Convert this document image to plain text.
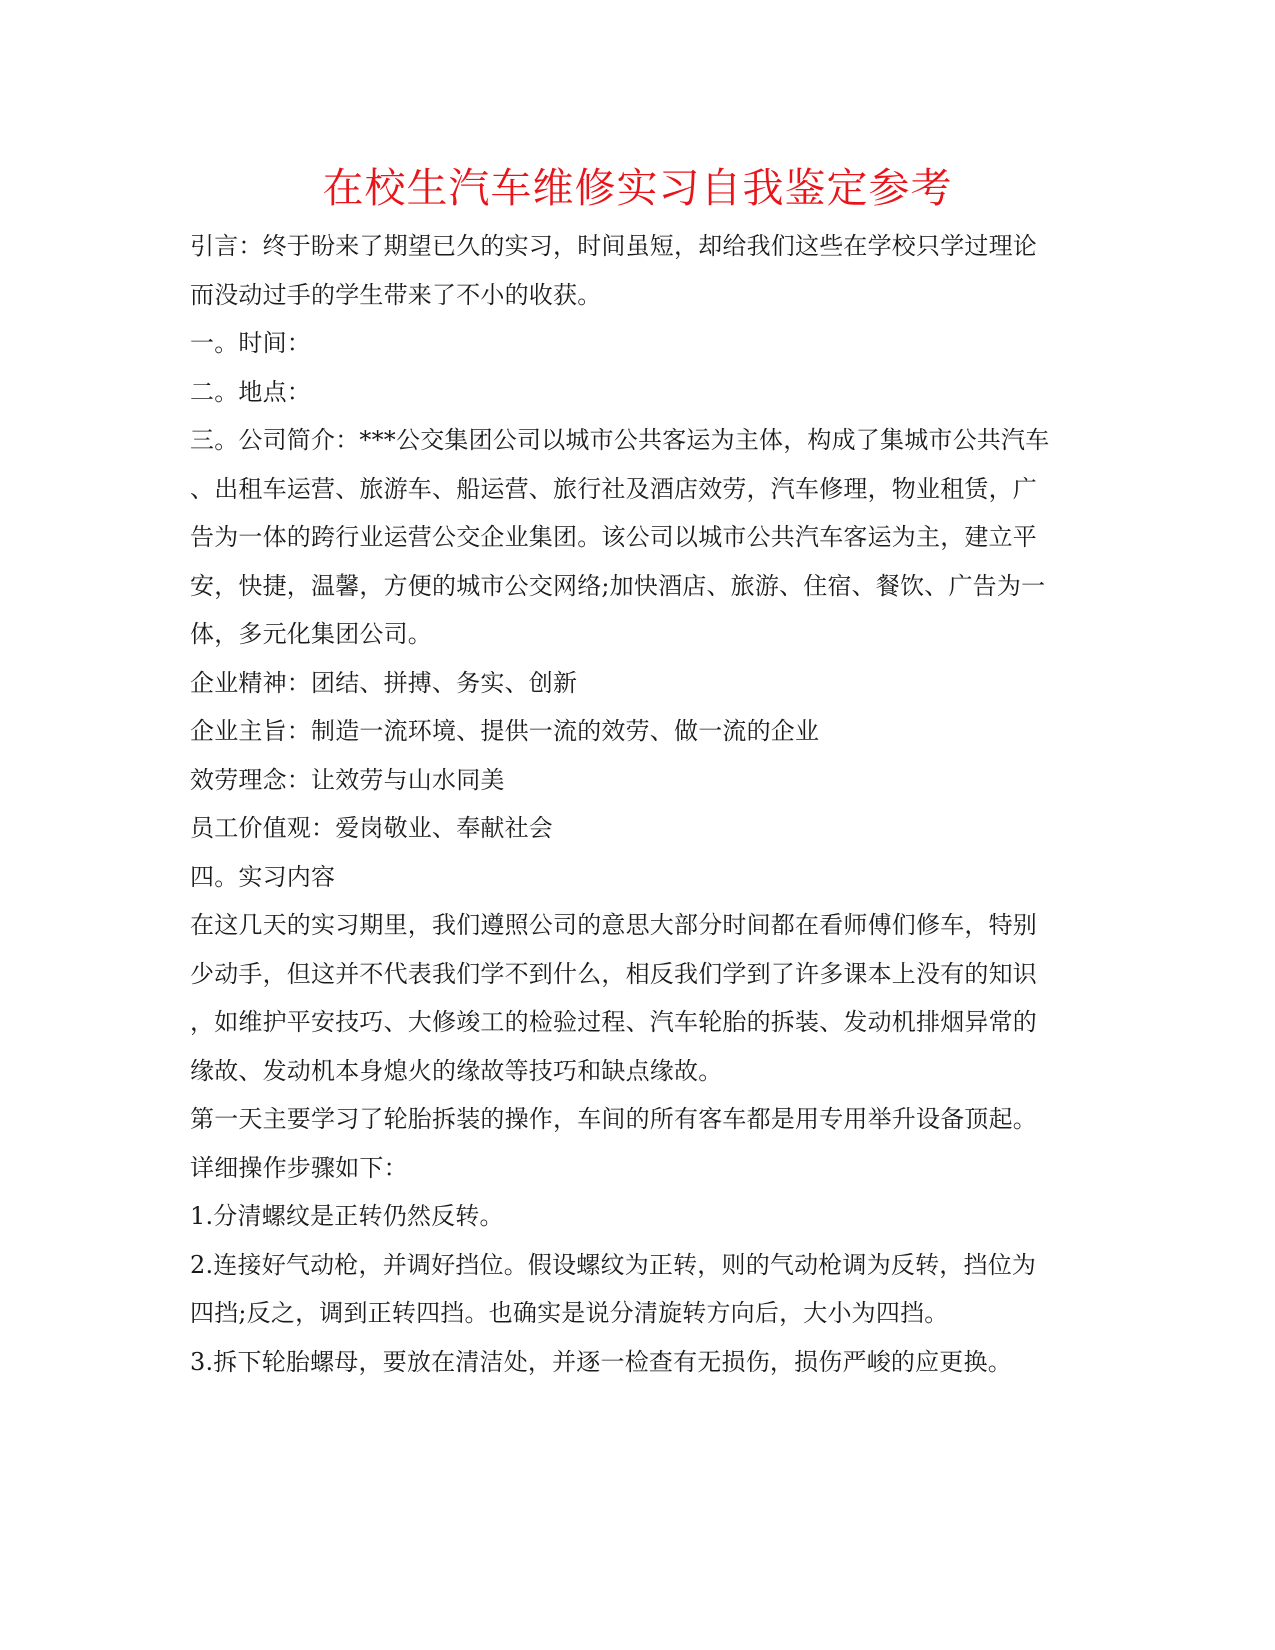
在校生汽车维修实习自我鉴定参考
引言：终于盼来了期望已久的实习，时间虽短，却给我们这些在学校只学过理论
而没动过手的学生带来了不小的收获。
一。时间：
二。地点：
三。公司简介：***公交集团公司以城市公共客运为主体，构成了集城市公共汽车
、出租车运营、旅游车、船运营、旅行社及酒店效劳，汽车修理，物业租赁，广
告为一体的跨行业运营公交企业集团。该公司以城市公共汽车客运为主，建立平
安，快捷，温馨，方便的城市公交网络;加快酒店、旅游、住宿、餐饮、广告为一
体，多元化集团公司。
企业精神：团结、拼搏、务实、创新
企业主旨：制造一流环境、提供一流的效劳、做一流的企业
效劳理念：让效劳与山水同美
员工价值观：爱岗敬业、奉献社会
四。实习内容
在这几天的实习期里，我们遵照公司的意思大部分时间都在看师傅们修车，特别
少动手，但这并不代表我们学不到什么，相反我们学到了许多课本上没有的知识
，如维护平安技巧、大修竣工的检验过程、汽车轮胎的拆装、发动机排烟异常的
缘故、发动机本身熄火的缘故等技巧和缺点缘故。
第一天主要学习了轮胎拆装的操作，车间的所有客车都是用专用举升设备顶起。
详细操作步骤如下：
1.分清螺纹是正转仍然反转。
2.连接好气动枪，并调好挡位。假设螺纹为正转，则的气动枪调为反转，挡位为
四挡;反之，调到正转四挡。也确实是说分清旋转方向后，大小为四挡。
3.拆下轮胎螺母，要放在清洁处，并逐一检查有无损伤，损伤严峻的应更换。
